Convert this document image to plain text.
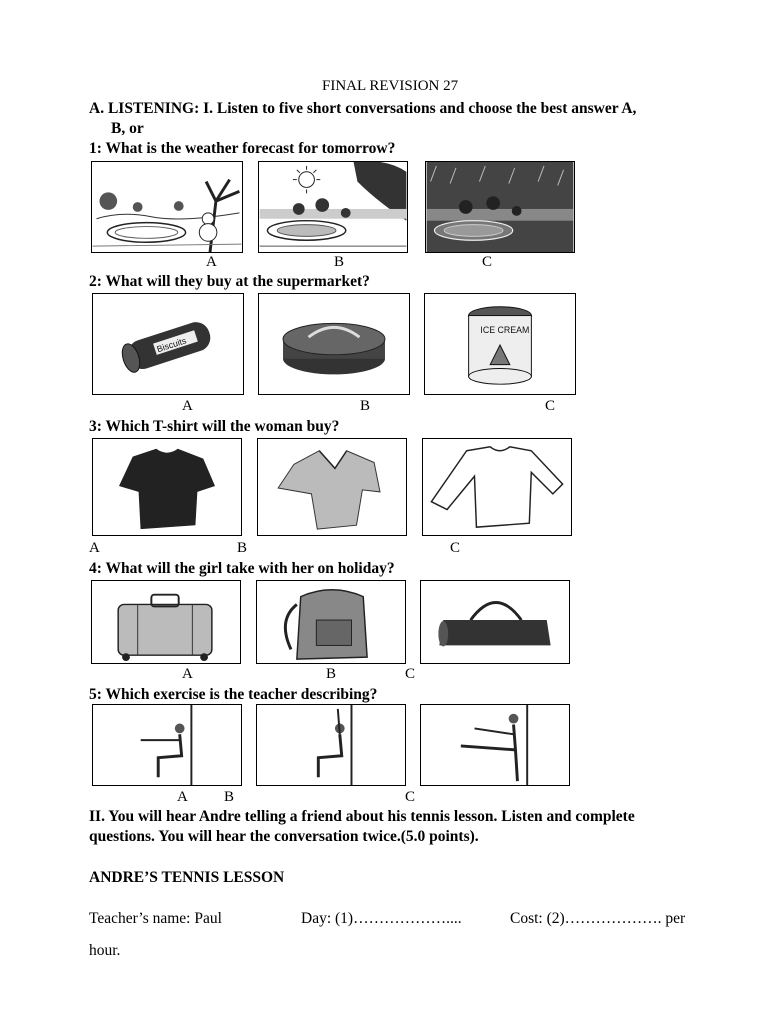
FINAL REVISION 27
A. LISTENING: I. Listen to five short conversations and choose the best answer A,
B, or
1: What is the weather forecast for tomorrow?
A	B	C
2: What will they buy at the supermarket?
Biscuits
ICE CREAM
A	B	C
3: Which T-shirt will the woman buy?
A	B	C
4: What will the girl take with her on holiday?
A	B	C
5: Which exercise is the teacher describing?
A B	C
II. You will hear Andre telling a friend about his tennis lesson. Listen and complete
questions. You will hear the conversation twice.(5.0 points).
ANDRE’S TENNIS LESSON
Teacher’s name: Paul	Day: (1)………………....	Cost: (2)………………. per
hour.
